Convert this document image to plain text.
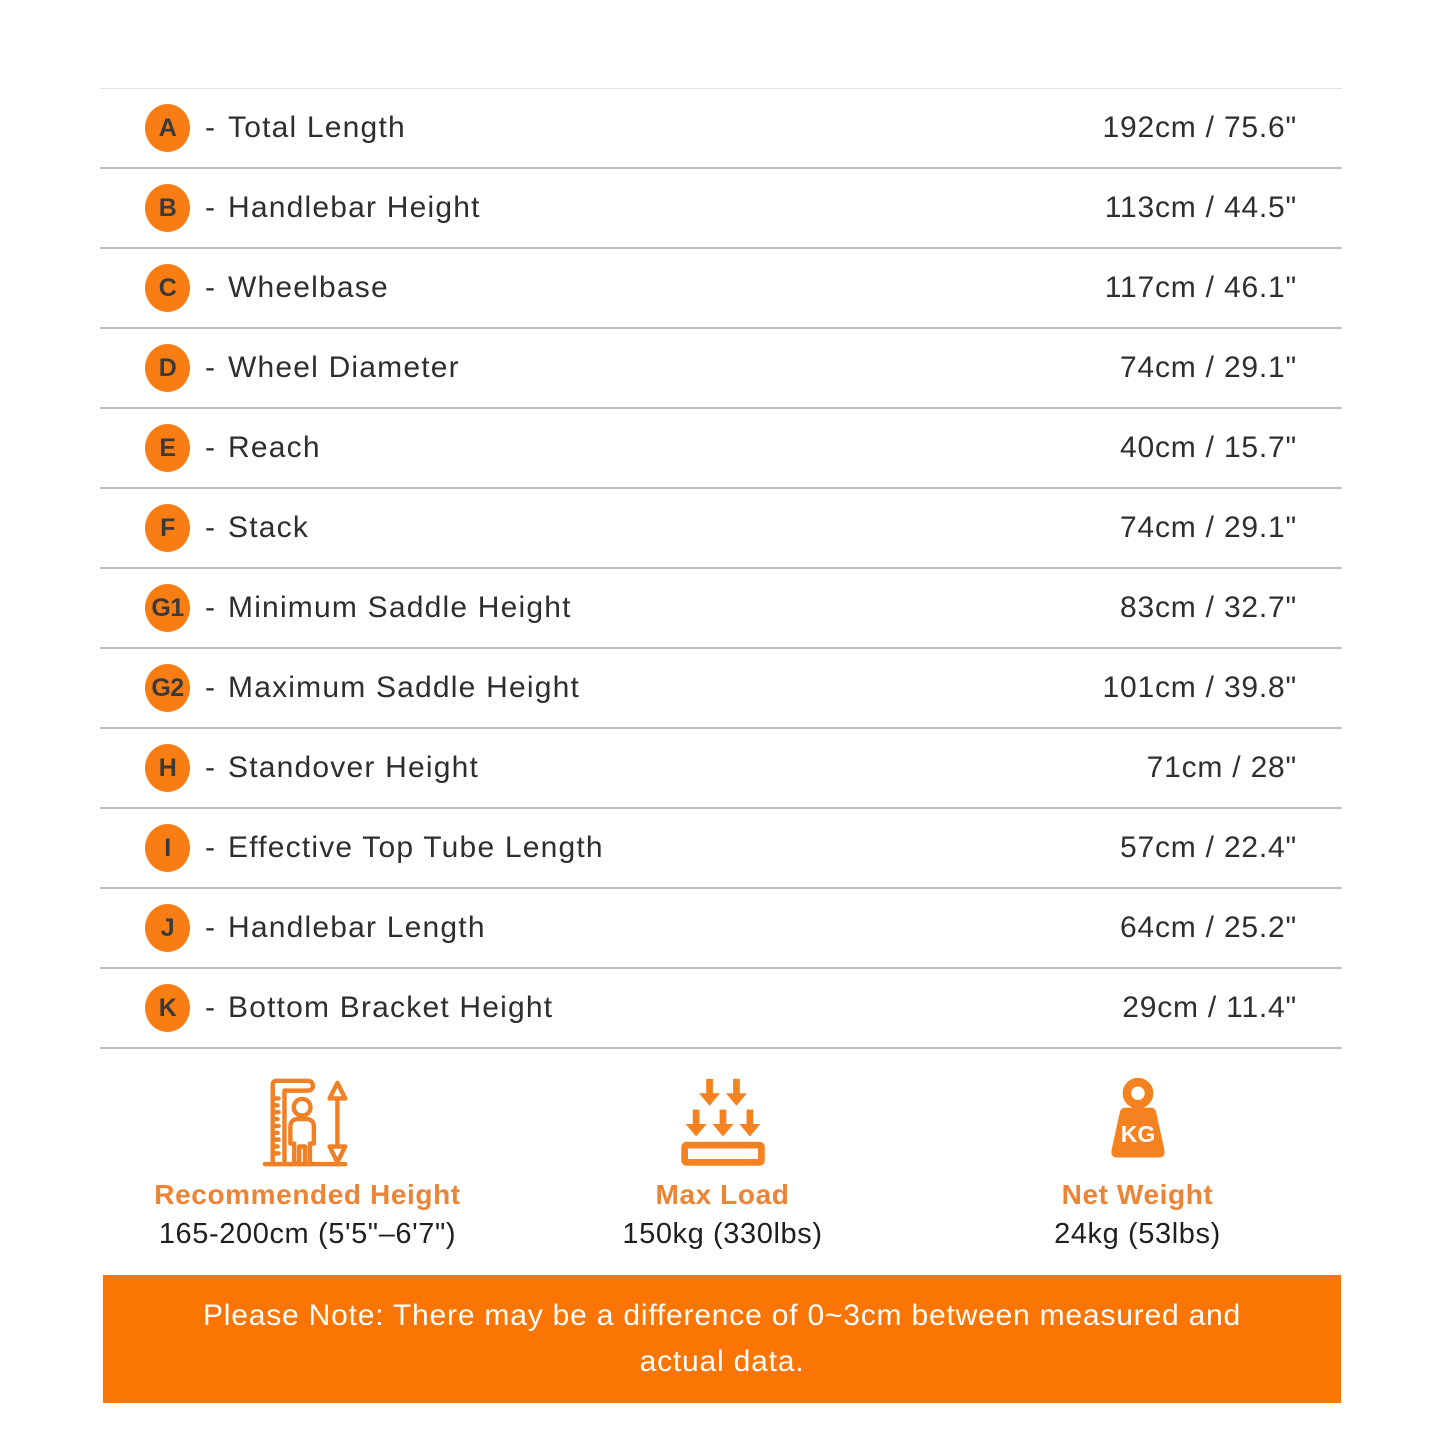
A - Total Length	192cm / 75.6"
B - Handlebar Height	113cm / 44.5"
C - Wheelbase	117cm / 46.1"
D - Wheel Diameter	74cm / 29.1"
E - Reach	40cm / 15.7"
F	- Stack	74cm / 29.1"
G1 - Minimum Saddle Height	83cm / 32.7"
G2 - Maximum Saddle Height	101cm / 39.8"
H - Standover Height	71cm / 28"
I	- Effective Top Tube Length	57cm / 22.4"
J	- Handlebar Length	64cm / 25.2"
K - Bottom Bracket Height	29cm / 11.4"
Recommended Height
165-200cm (5'5"–6'7")
Max Load
150kg (330lbs)
KG
Net Weight
24kg (53lbs)
Please Note: There may be a difference of 0~3cm between measured and actual data.
